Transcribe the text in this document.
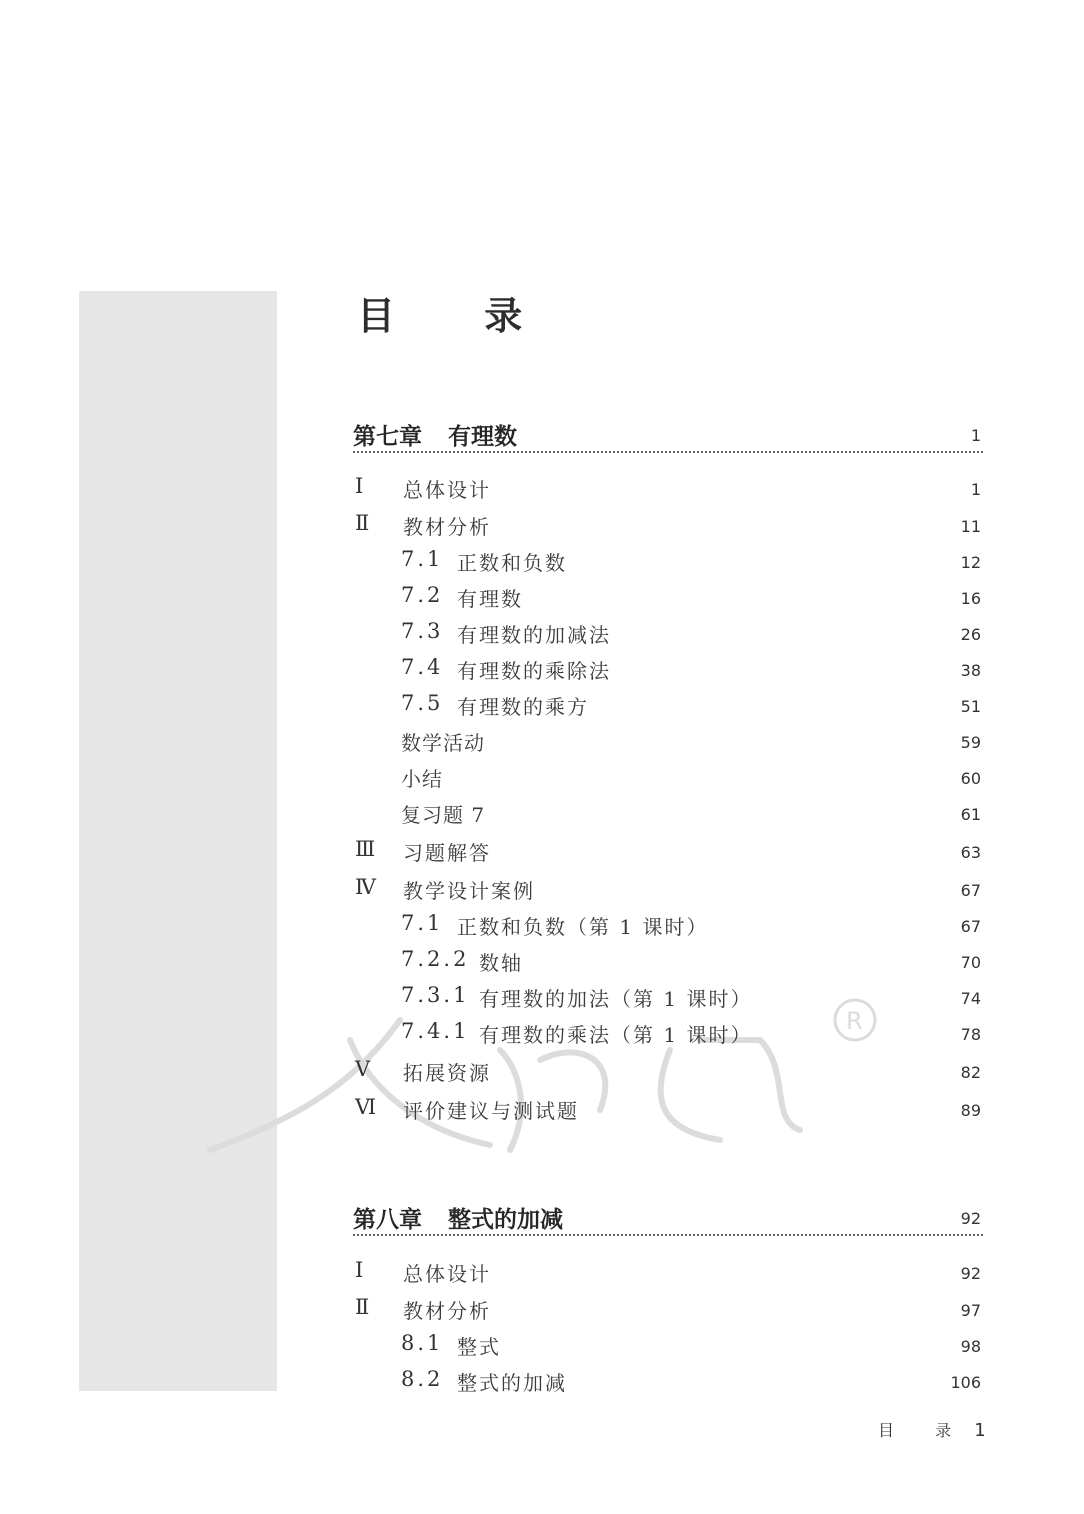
R
目 录
第七章 有理数	1
Ⅰ 总体设计	1
Ⅱ 教材分析	11
7.1 正数和负数	12
7.2 有理数	16
7.3 有理数的加减法	26
7.4 有理数的乘除法	38
7.5 有理数的乘方	51
数学活动	59
小结	60
复习题 7	61
Ⅲ 习题解答	63
Ⅳ 教学设计案例	67
7.1 正数和负数（第 1 课时）	67
7.2.2 数轴	70
7.3.1 有理数的加法（第 1 课时）	74
7.4.1 有理数的乘法（第 1 课时）	78
Ⅴ 拓展资源	82
Ⅵ 评价建议与测试题	89
第八章 整式的加减	92
Ⅰ 总体设计	92
Ⅱ 教材分析	97
8.1 整式	98
8.2 整式的加减	106
目 录 1
